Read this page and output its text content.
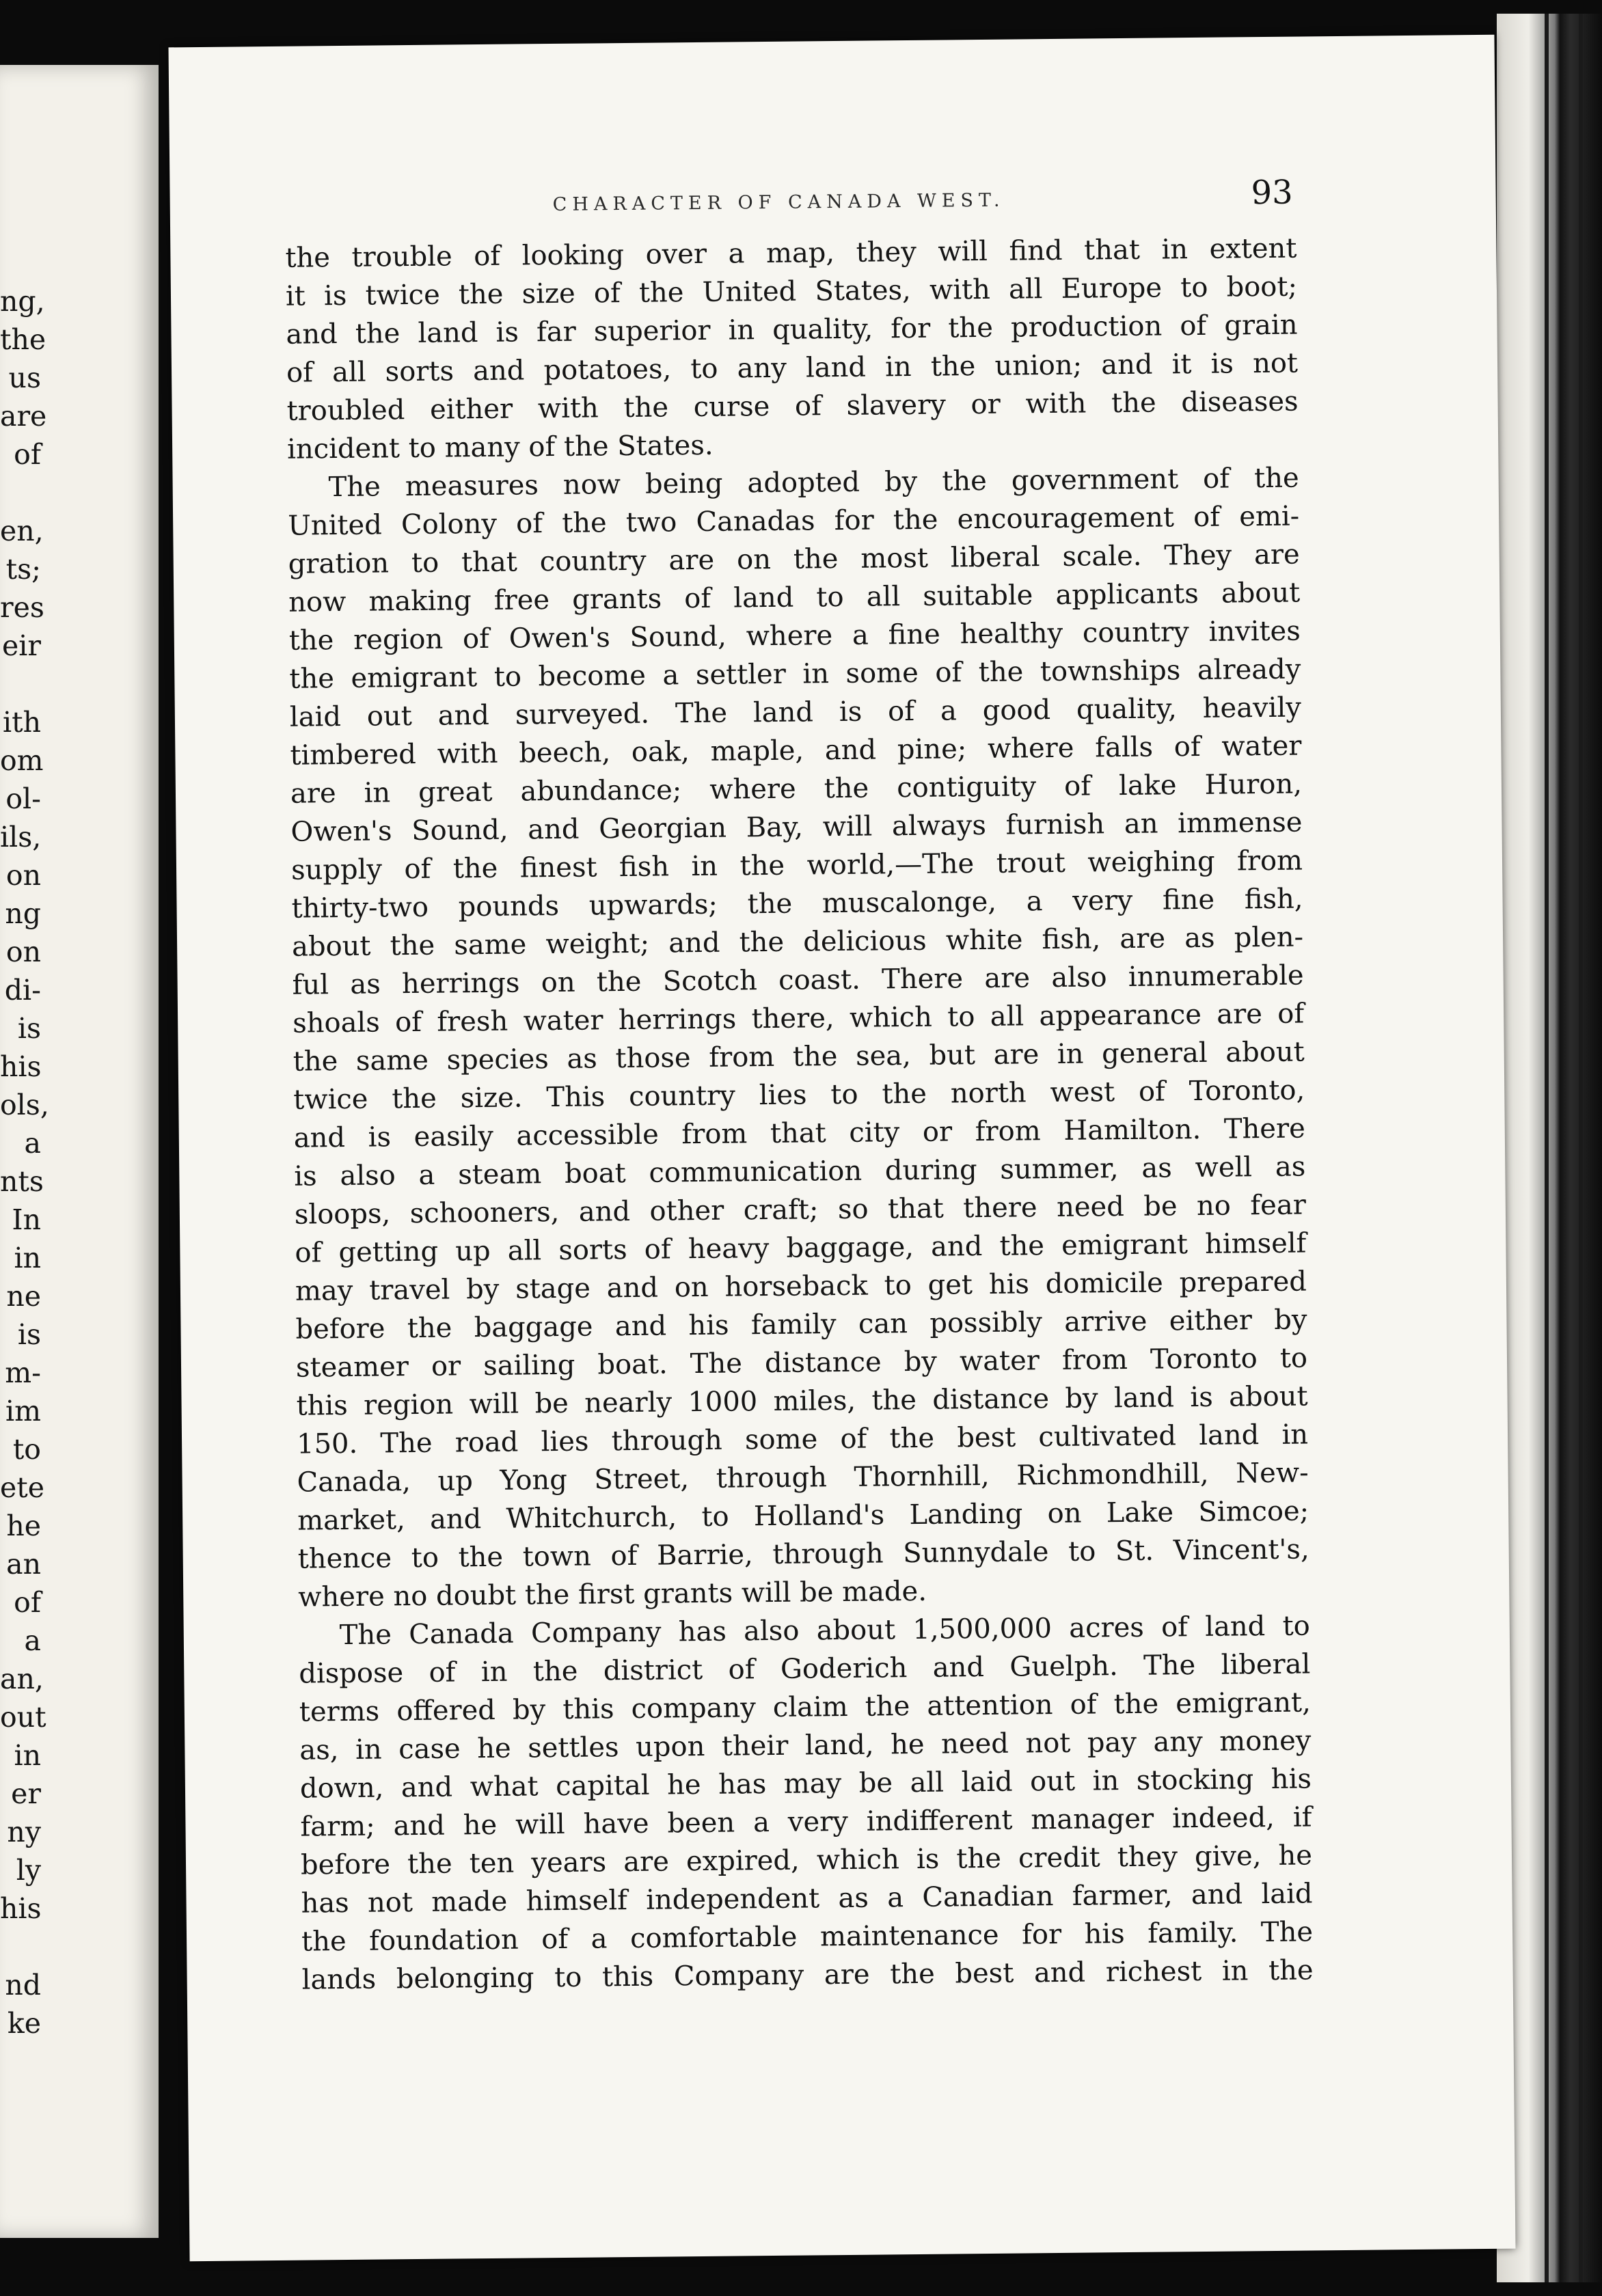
ng,
the
us
are
of

en,
ts;
res
eir

ith
om
ol-
ils,
on
ng
on
di-
is
his
ols,
a
nts
In
in
ne
is
m-
im
to
ete
he
an
of
a
an,
out
in
er
ny
ly
his

nd
ke
CHARACTER OF CANADA WEST.	93
the trouble of looking over a map, they will find that in extent
it is twice the size of the United States, with all Europe to boot;
and the land is far superior in quality, for the production of grain
of all sorts and potatoes, to any land in the union; and it is not
troubled either with the curse of slavery or with the diseases
incident to many of the States.
The measures now being adopted by the government of the
United Colony of the two Canadas for the encouragement of emi-
gration to that country are on the most liberal scale. They are
now making free grants of land to all suitable applicants about
the region of Owen's Sound, where a fine healthy country invites
the emigrant to become a settler in some of the townships already
laid out and surveyed. The land is of a good quality, heavily
timbered with beech, oak, maple, and pine; where falls of water
are in great abundance; where the contiguity of lake Huron,
Owen's Sound, and Georgian Bay, will always furnish an immense
supply of the finest fish in the world,—The trout weighing from
thirty-two pounds upwards; the muscalonge, a very fine fish,
about the same weight; and the delicious white fish, are as plen-
ful as herrings on the Scotch coast. There are also innumerable
shoals of fresh water herrings there, which to all appearance are of
the same species as those from the sea, but are in general about
twice the size. This country lies to the north west of Toronto,
and is easily accessible from that city or from Hamilton. There
is also a steam boat communication during summer, as well as
sloops, schooners, and other craft; so that there need be no fear
of getting up all sorts of heavy baggage, and the emigrant himself
may travel by stage and on horseback to get his domicile prepared
before the baggage and his family can possibly arrive either by
steamer or sailing boat. The distance by water from Toronto to
this region will be nearly 1000 miles, the distance by land is about
150. The road lies through some of the best cultivated land in
Canada, up Yong Street, through Thornhill, Richmondhill, New-
market, and Whitchurch, to Holland's Landing on Lake Simcoe;
thence to the town of Barrie, through Sunnydale to St. Vincent's,
where no doubt the first grants will be made.
The Canada Company has also about 1,500,000 acres of land to
dispose of in the district of Goderich and Guelph. The liberal
terms offered by this company claim the attention of the emigrant,
as, in case he settles upon their land, he need not pay any money
down, and what capital he has may be all laid out in stocking his
farm; and he will have been a very indifferent manager indeed, if
before the ten years are expired, which is the credit they give, he
has not made himself independent as a Canadian farmer, and laid
the foundation of a comfortable maintenance for his family. The
lands belonging to this Company are the best and richest in the
